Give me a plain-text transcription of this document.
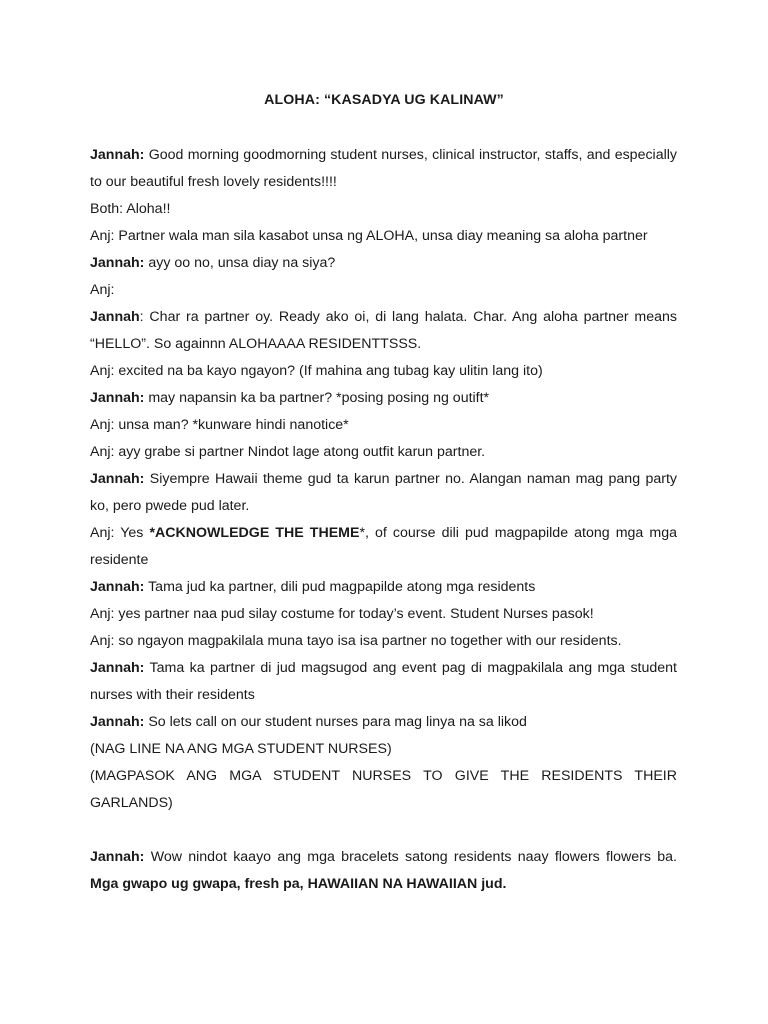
ALOHA: “KASADYA UG KALINAW”

Jannah: Good morning goodmorning student nurses, clinical instructor, staffs, and especially to our beautiful fresh lovely residents!!!!

Both: Aloha!!

Anj: Partner wala man sila kasabot unsa ng ALOHA, unsa diay meaning sa aloha partner

Jannah: ayy oo no, unsa diay na siya?

Anj:

Jannah: Char ra partner oy. Ready ako oi, di lang halata. Char. Ang aloha partner means “HELLO”. So againnn ALOHAAAA RESIDENTTSSS.

Anj: excited na ba kayo ngayon? (If mahina ang tubag kay ulitin lang ito)

Jannah: may napansin ka ba partner? *posing posing ng outift*

Anj: unsa man? *kunware hindi nanotice*

Anj: ayy grabe si partner Nindot lage atong outfit karun partner.

Jannah: Siyempre Hawaii theme gud ta karun partner no. Alangan naman mag pang party ko, pero pwede pud later.

Anj: Yes *ACKNOWLEDGE THE THEME*, of course dili pud magpapilde atong mga mga residente

Jannah: Tama jud ka partner, dili pud magpapilde atong mga residents

Anj: yes partner naa pud silay costume for today’s event. Student Nurses pasok!

Anj: so ngayon magpakilala muna tayo isa isa partner no together with our residents.

Jannah: Tama ka partner di jud magsugod ang event pag di magpakilala ang mga student nurses with their residents

Jannah: So lets call on our student nurses para mag linya na sa likod

(NAG LINE NA ANG MGA STUDENT NURSES)

(MAGPASOK ANG MGA STUDENT NURSES TO GIVE THE RESIDENTS THEIR GARLANDS)

Jannah: Wow nindot kaayo ang mga bracelets satong residents naay flowers flowers ba. Mga gwapo ug gwapa, fresh pa, HAWAIIAN NA HAWAIIAN jud.
